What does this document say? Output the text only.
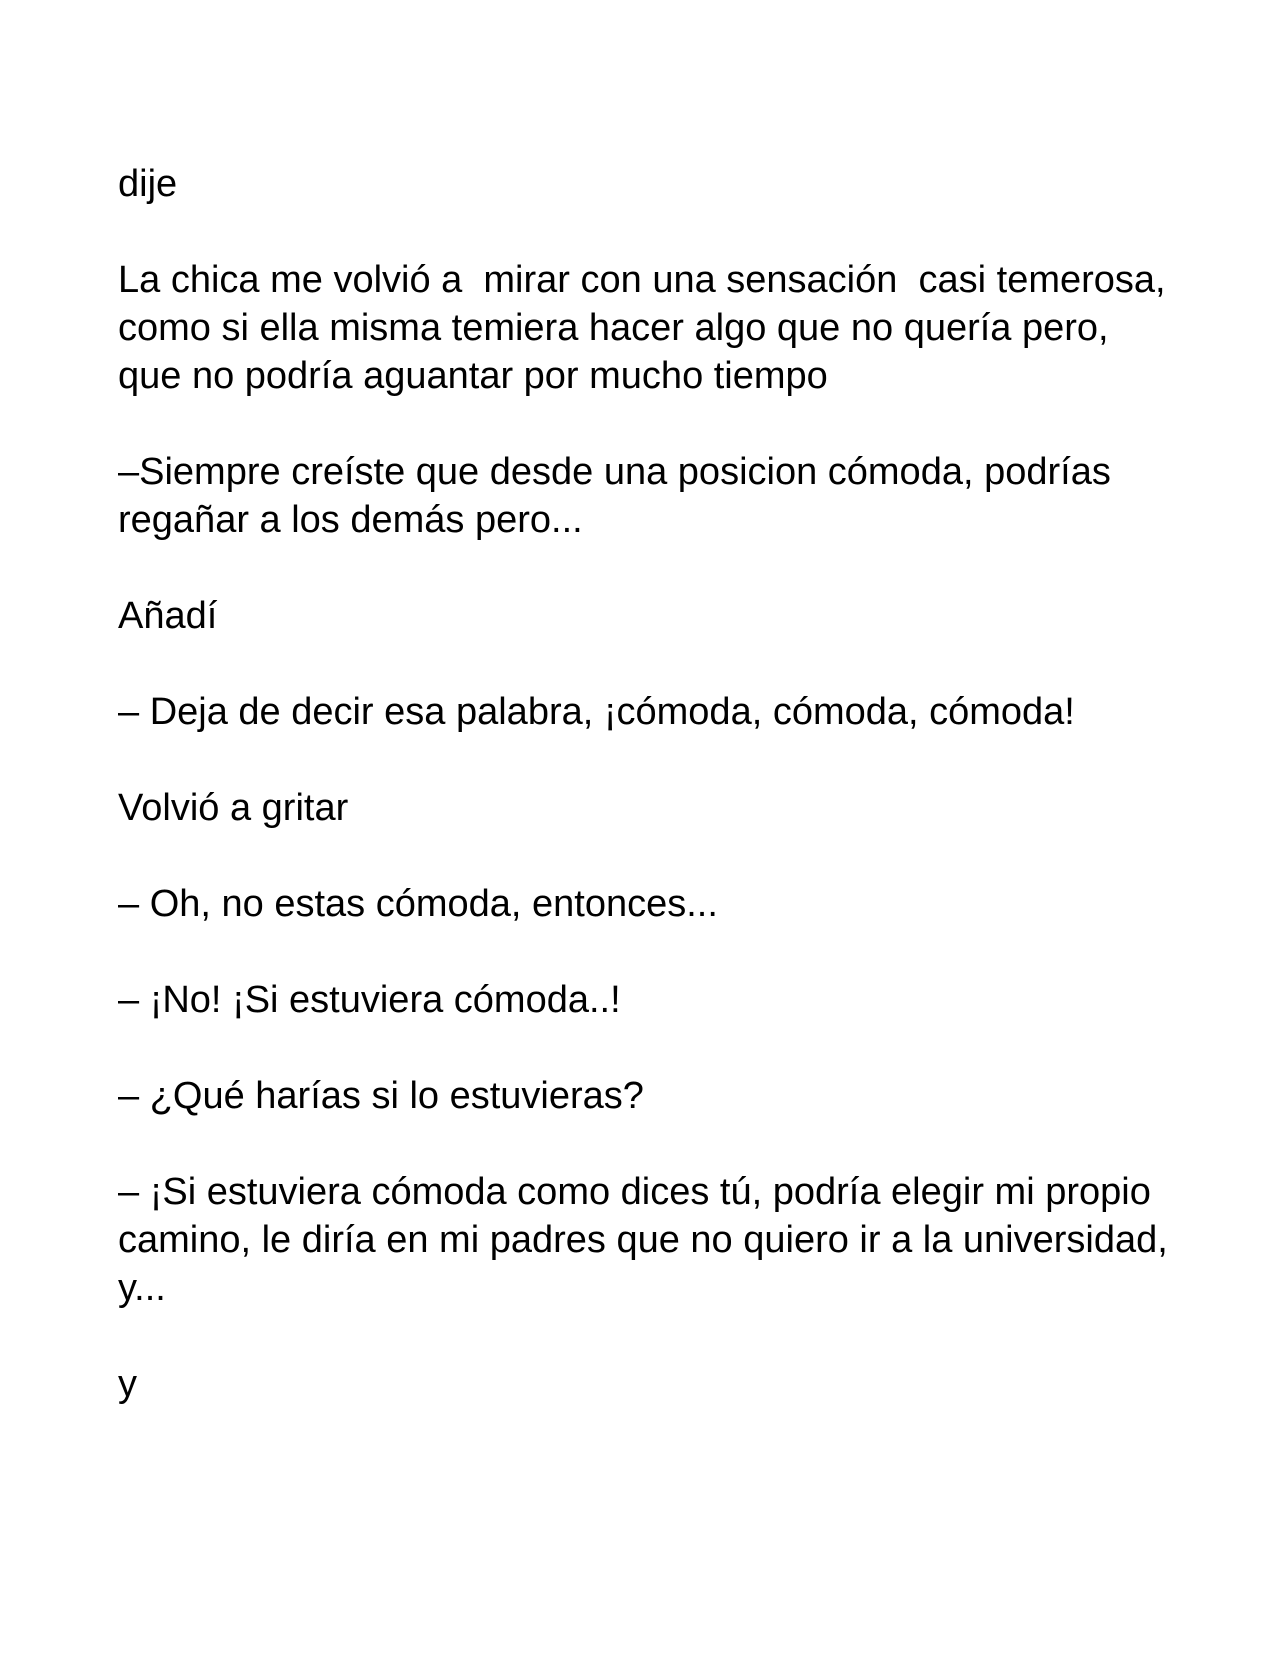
dije

La chica me volvió a  mirar con una sensación  casi temerosa, como si ella misma temiera hacer algo que no quería pero, que no podría aguantar por mucho tiempo

–Siempre creíste que desde una posicion cómoda, podrías regañar a los demás pero...

Añadí

– Deja de decir esa palabra, ¡cómoda, cómoda, cómoda!

Volvió a gritar

– Oh, no estas cómoda, entonces...

– ¡No! ¡Si estuviera cómoda..!

– ¿Qué harías si lo estuvieras?

– ¡Si estuviera cómoda como dices tú, podría elegir mi propio camino, le diría en mi padres que no quiero ir a la universidad, y...

y
